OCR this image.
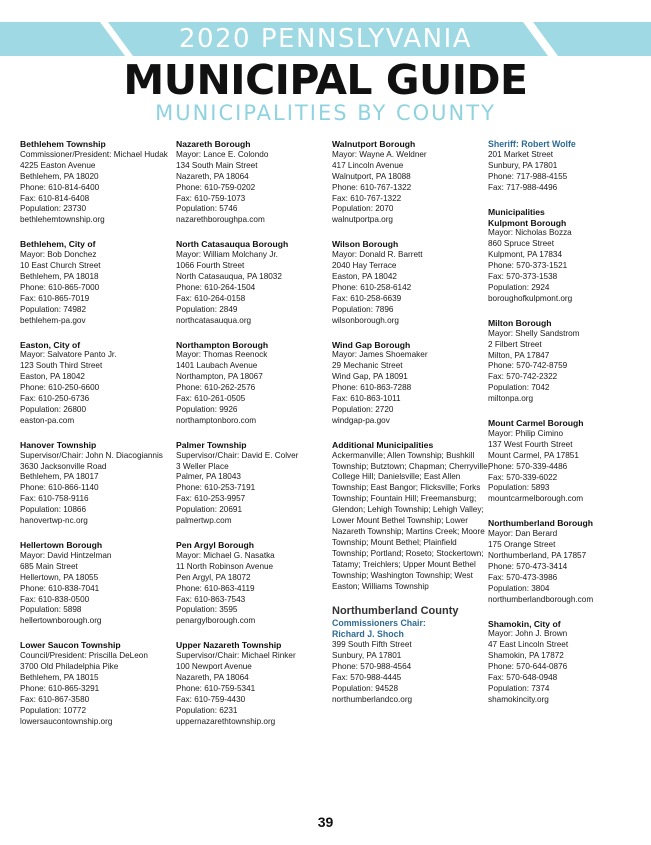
2020 PENNSLYVANIA
MUNICIPAL GUIDE
MUNICIPALITIES BY COUNTY
Bethlehem Township
Commissioner/President: Michael Hudak
4225 Easton Avenue
Bethlehem, PA 18020
Phone: 610-814-6400
Fax: 610-814-6408
Population: 23730
bethlehemtownship.org
Bethlehem, City of
Mayor: Bob Donchez
10 East Church Street
Bethlehem, PA 18018
Phone: 610-865-7000
Fax: 610-865-7019
Population: 74982
bethlehem-pa.gov
Easton, City of
Mayor: Salvatore Panto Jr.
123 South Third Street
Easton, PA 18042
Phone: 610-250-6600
Fax: 610-250-6736
Population: 26800
easton-pa.com
Hanover Township
Supervisor/Chair: John N. Diacogiannis
3630 Jacksonville Road
Bethlehem, PA 18017
Phone: 610-866-1140
Fax: 610-758-9116
Population: 10866
hanovertwp-nc.org
Hellertown Borough
Mayor: David Hintzelman
685 Main Street
Hellertown, PA 18055
Phone: 610-838-7041
Fax: 610-838-0500
Population: 5898
hellertownborough.org
Lower Saucon Township
Council/President: Priscilla DeLeon
3700 Old Philadelphia Pike
Bethlehem, PA 18015
Phone: 610-865-3291
Fax: 610-867-3580
Population: 10772
lowersaucontownship.org
Nazareth Borough
Mayor: Lance E. Colondo
134 South Main Street
Nazareth, PA 18064
Phone: 610-759-0202
Fax: 610-759-1073
Population: 5746
nazarethboroughpa.com
North Catasauqua Borough
Mayor: William Molchany Jr.
1066 Fourth Street
North Catasauqua, PA 18032
Phone: 610-264-1504
Fax: 610-264-0158
Population: 2849
northcatasauqua.org
Northampton Borough
Mayor: Thomas Reenock
1401 Laubach Avenue
Northampton, PA 18067
Phone: 610-262-2576
Fax: 610-261-0505
Population: 9926
northamptonboro.com
Palmer Township
Supervisor/Chair: David E. Colver
3 Weller Place
Palmer, PA 18043
Phone: 610-253-7191
Fax: 610-253-9957
Population: 20691
palmertwp.com
Pen Argyl Borough
Mayor: Michael G. Nasatka
11 North Robinson Avenue
Pen Argyl, PA 18072
Phone: 610-863-4119
Fax: 610-863-7543
Population: 3595
penargylborough.com
Upper Nazareth Township
Supervisor/Chair: Michael Rinker
100 Newport Avenue
Nazareth, PA 18064
Phone: 610-759-5341
Fax: 610-759-4430
Population: 6231
uppernazarethtownship.org
Walnutport Borough
Mayor: Wayne A. Weldner
417 Lincoln Avenue
Walnutport, PA 18088
Phone: 610-767-1322
Fax: 610-767-1322
Population: 2070
walnutportpa.org
Wilson Borough
Mayor: Donald R. Barrett
2040 Hay Terrace
Easton, PA 18042
Phone: 610-258-6142
Fax: 610-258-6639
Population: 7896
wilsonborough.org
Wind Gap Borough
Mayor: James Shoemaker
29 Mechanic Street
Wind Gap, PA 18091
Phone: 610-863-7288
Fax: 610-863-1011
Population: 2720
windgap-pa.gov
Additional Municipalities
Ackermanville; Allen Township; Bushkill Township; Butztown; Chapman; Cherryville; College Hill; Danielsville; East Allen Township; East Bangor; Flicksville; Forks Township; Fountain Hill; Freemansburg; Glendon; Lehigh Township; Lehigh Valley; Lower Mount Bethel Township; Lower Nazareth Township; Martins Creek; Moore Township; Mount Bethel; Plainfield Township; Portland; Roseto; Stockertown; Tatamy; Treichlers; Upper Mount Bethel Township; Washington Township; West Easton; Williams Township
Northumberland County
Commissioners Chair:
Richard J. Shoch
399 South Fifth Street
Sunbury, PA 17801
Phone: 570-988-4564
Fax: 570-988-4445
Population: 94528
northumberlandco.org
Sheriff: Robert Wolfe
201 Market Street
Sunbury, PA 17801
Phone: 717-988-4155
Fax: 717-988-4496
Municipalities
Kulpmont Borough
Mayor: Nicholas Bozza
860 Spruce Street
Kulpmont, PA 17834
Phone: 570-373-1521
Fax: 570-373-1538
Population: 2924
boroughofkulpmont.org
Milton Borough
Mayor: Shelly Sandstrom
2 Filbert Street
Milton, PA 17847
Phone: 570-742-8759
Fax: 570-742-2322
Population: 7042
miltonpa.org
Mount Carmel Borough
Mayor: Philip Cimino
137 West Fourth Street
Mount Carmel, PA 17851
Phone: 570-339-4486
Fax: 570-339-6022
Population: 5893
mountcarmelborough.com
Northumberland Borough
Mayor: Dan Berard
175 Orange Street
Northumberland, PA 17857
Phone: 570-473-3414
Fax: 570-473-3986
Population: 3804
northumberlandborough.com
Shamokin, City of
Mayor: John J. Brown
47 East Lincoln Street
Shamokin, PA 17872
Phone: 570-644-0876
Fax: 570-648-0948
Population: 7374
shamokincity.org
39
